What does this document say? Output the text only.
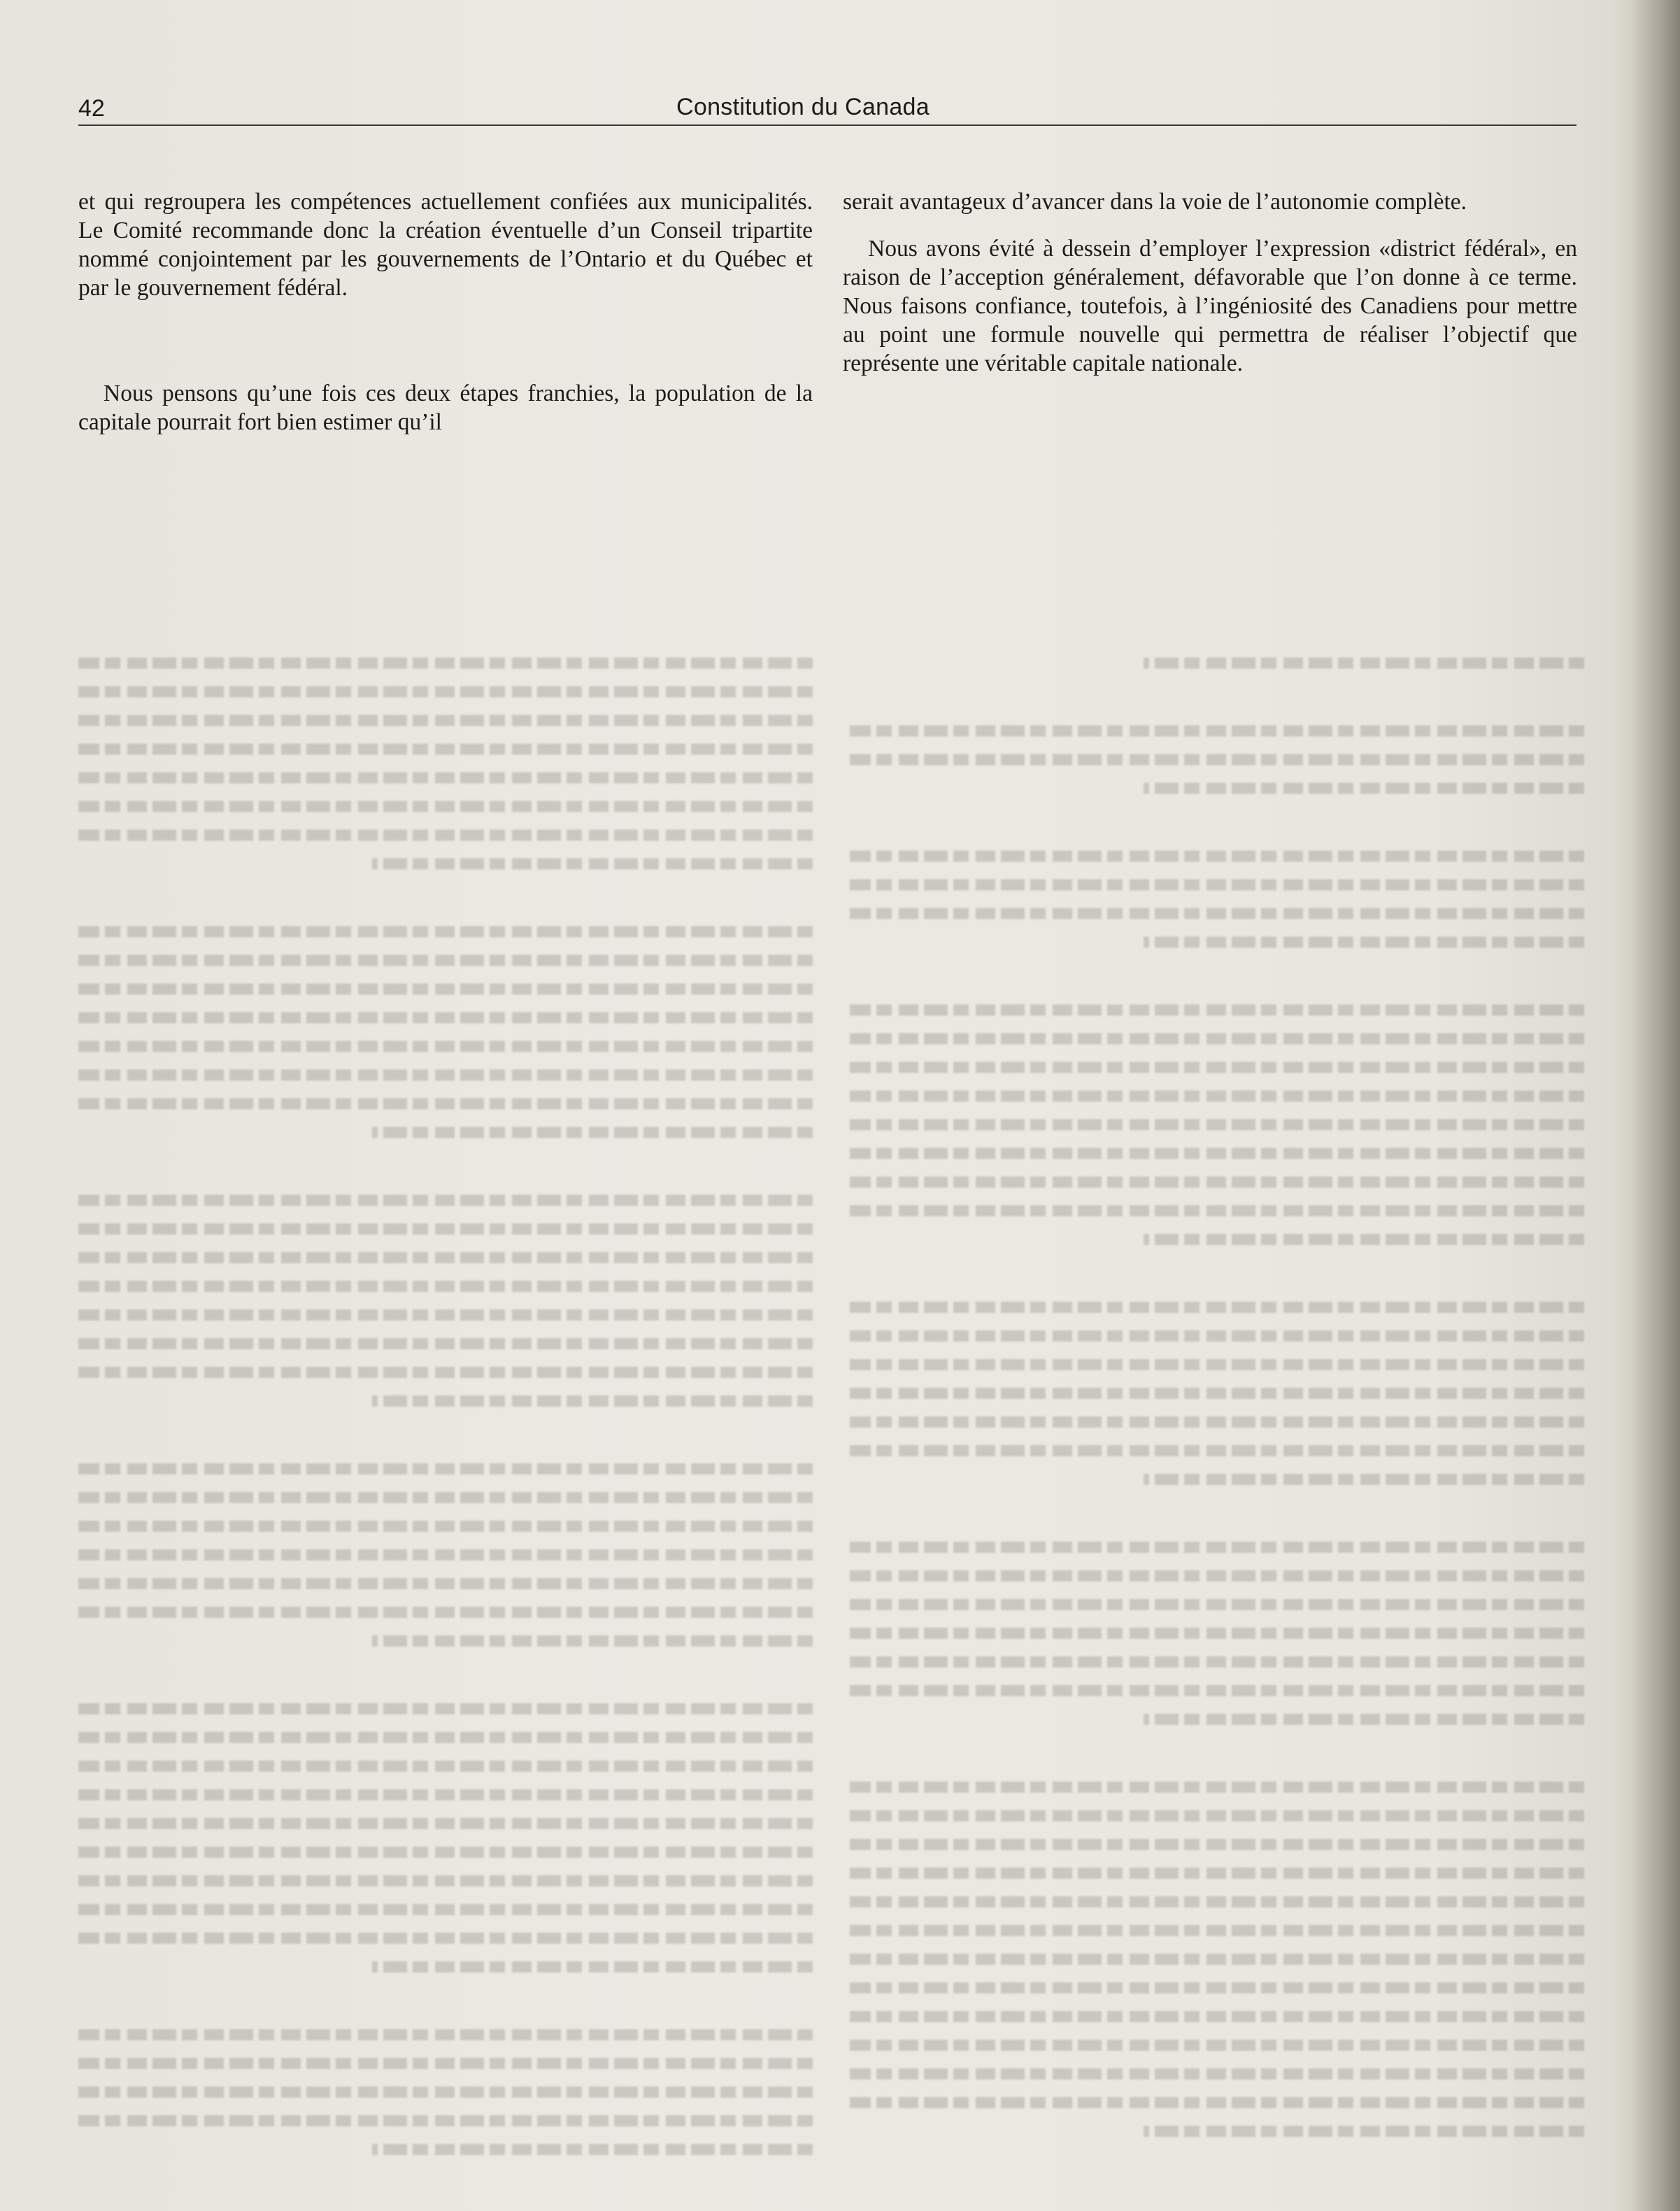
42	Constitution du Canada

et qui regroupera les compétences actuellement confiées aux municipalités. Le Comité recommande donc la création éventuelle d’un Conseil tripartite nommé conjointement par les gouvernements de l’Ontario et du Québec et par le gouvernement fédéral.

Nous pensons qu’une fois ces deux étapes franchies, la population de la capitale pourrait fort bien estimer qu’il

serait avantageux d’avancer dans la voie de l’autonomie complète.

Nous avons évité à dessein d’employer l’expression «district fédéral», en raison de l’acception généralement, défavorable que l’on donne à ce terme. Nous faisons confiance, toutefois, à l’ingéniosité des Canadiens pour mettre au point une formule nouvelle qui permettra de réaliser l’objectif que représente une véritable capitale nationale.
